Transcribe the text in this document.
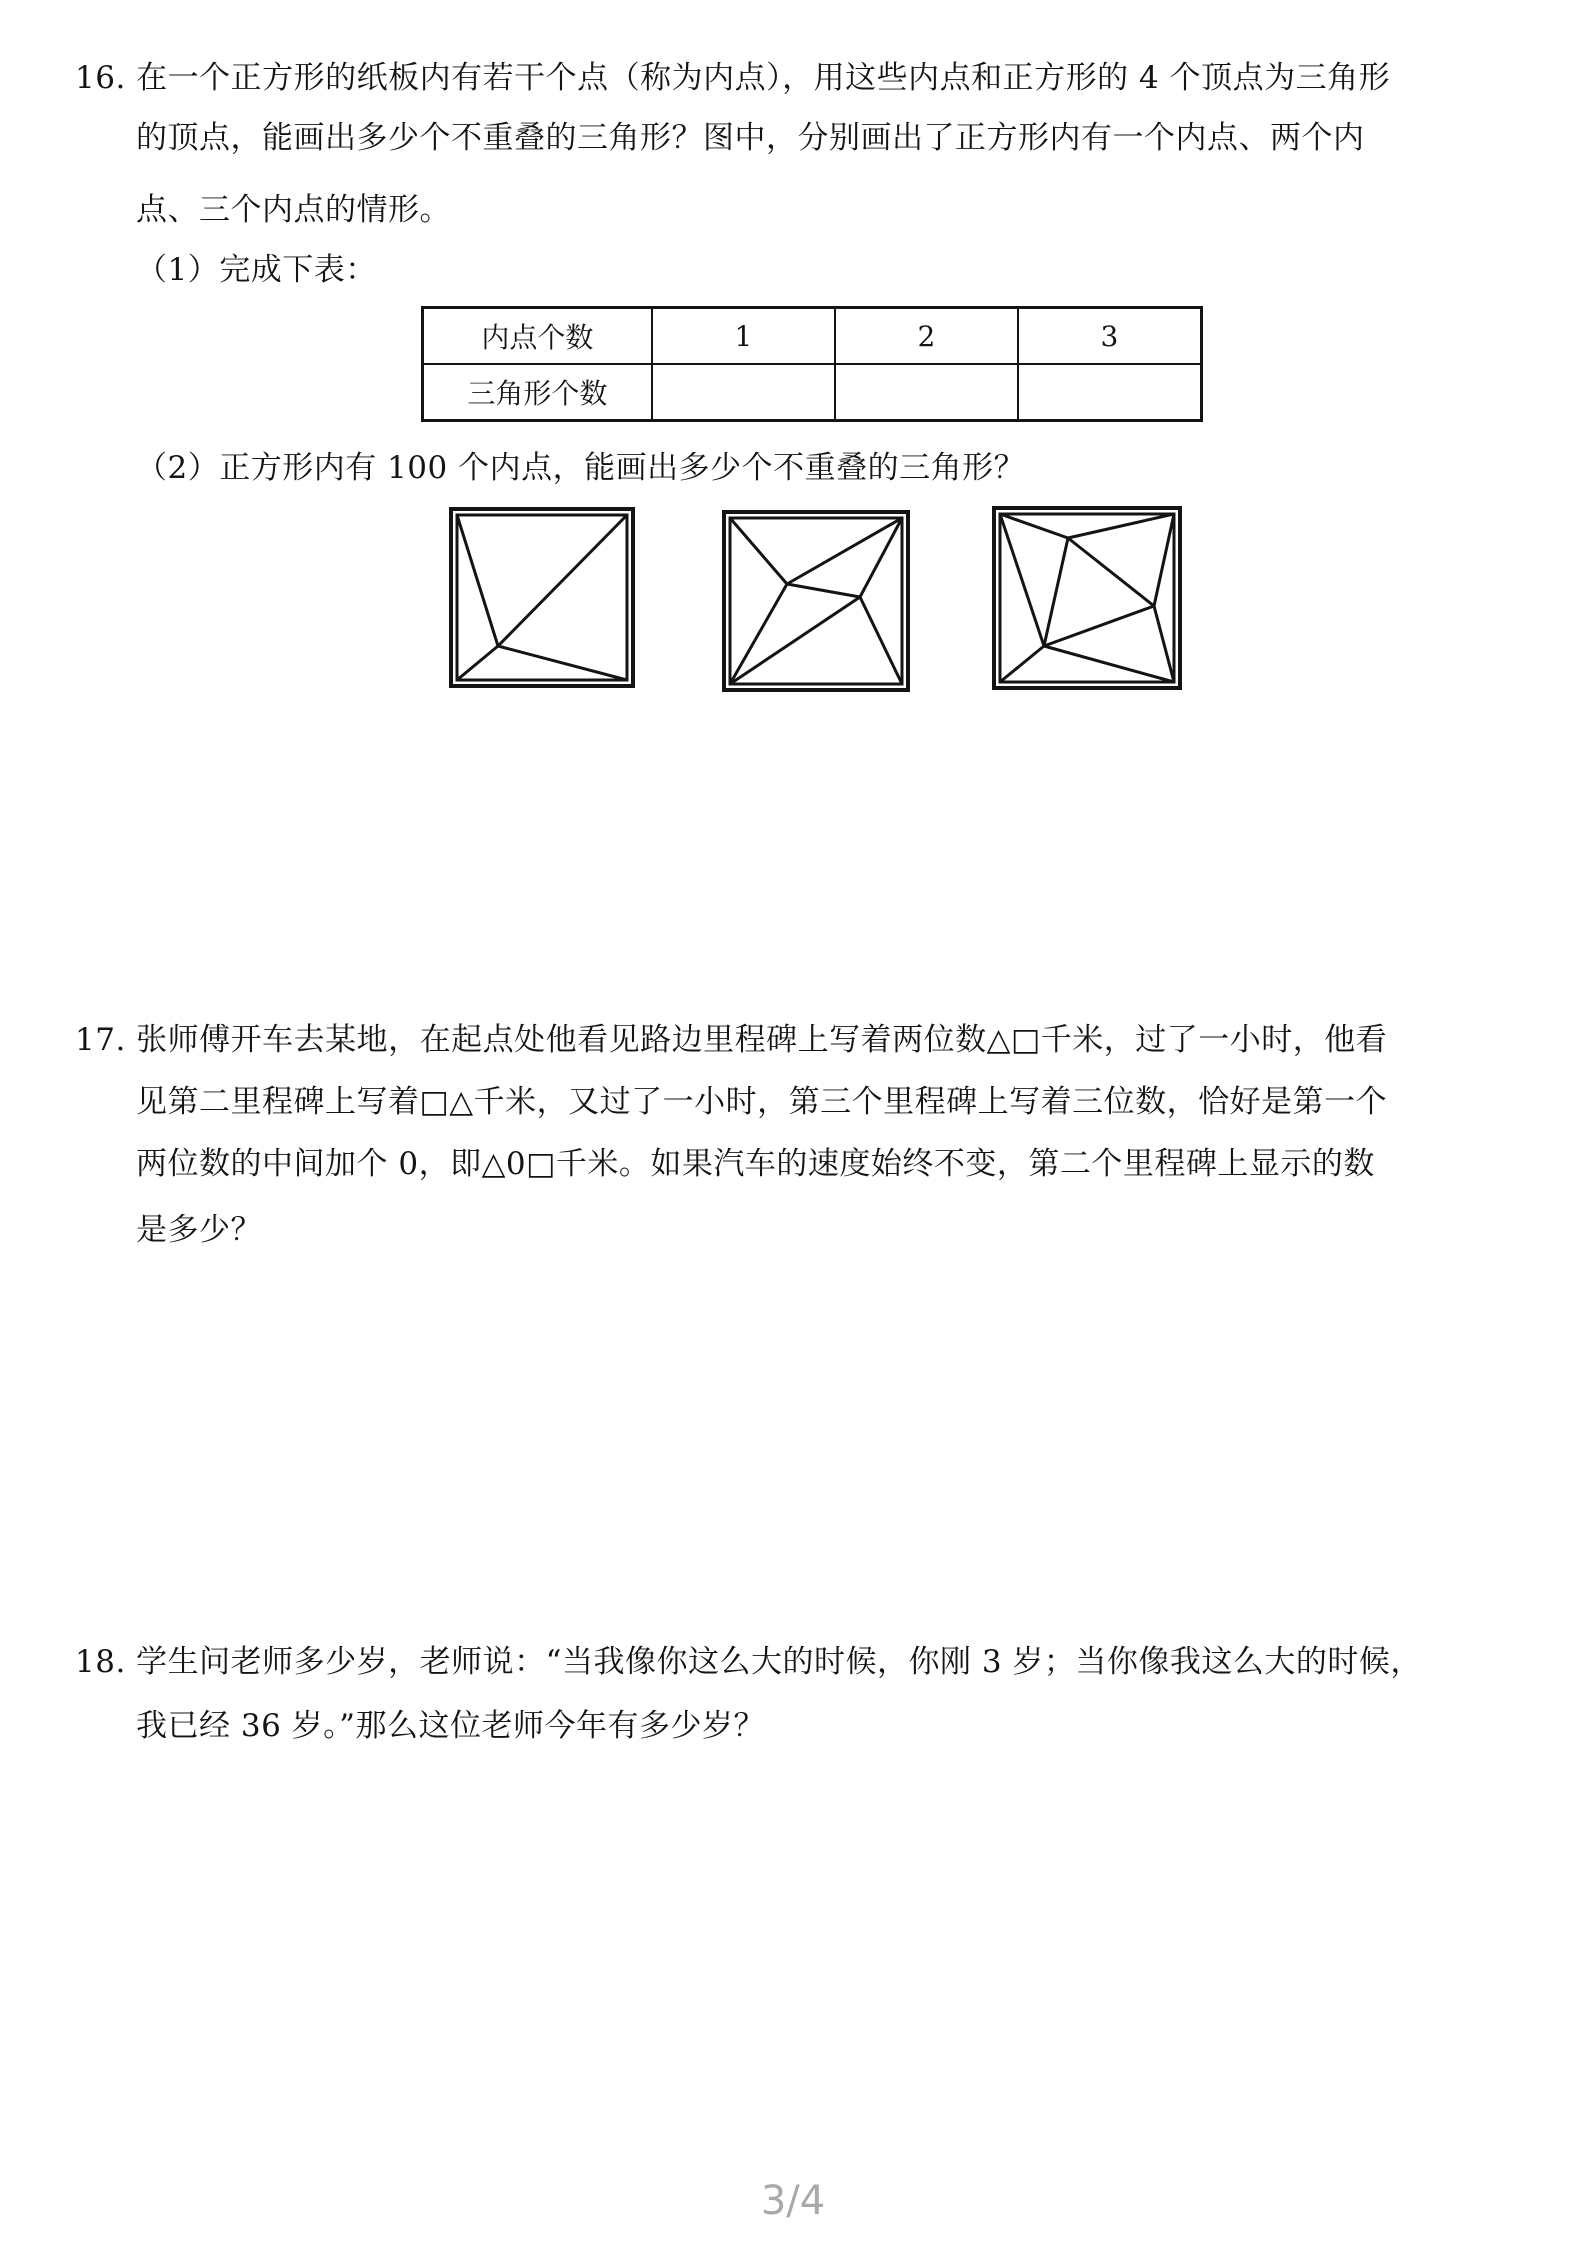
16. 在一个正方形的纸板内有若干个点（称为内点），用这些内点和正方形的 4 个顶点为三角形
的顶点，能画出多少个不重叠的三角形？图中，分别画出了正方形内有一个内点、两个内
点、三个内点的情形。
（1）完成下表：
内点个数	1	2	3
三角形个数			
（2）正方形内有 100 个内点，能画出多少个不重叠的三角形？
17. 张师傅开车去某地，在起点处他看见路边里程碑上写着两位数△□千米，过了一小时，他看
见第二里程碑上写着□△千米，又过了一小时，第三个里程碑上写着三位数，恰好是第一个
两位数的中间加个 0，即△0□千米。如果汽车的速度始终不变，第二个里程碑上显示的数
是多少？
18. 学生问老师多少岁，老师说：“当我像你这么大的时候，你刚 3 岁；当你像我这么大的时候，
我已经 36 岁。”那么这位老师今年有多少岁？
3/4
